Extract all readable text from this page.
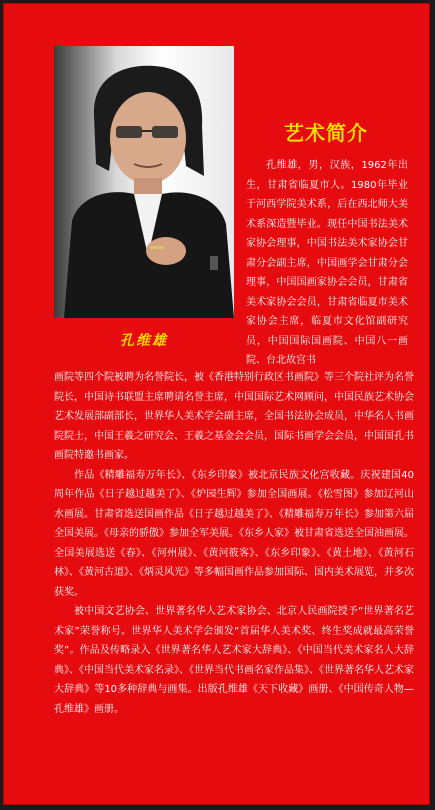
孔维雄
艺术简介
孔维雄，男，汉族，1962年出生，甘肃省临夏市人。1980年毕业于河西学院美术系，后在西北师大美术系深造暨毕业。现任中国书法美术家协会理事，中国书法美术家协会甘肃分会副主席，中国画学会甘肃分会理事，中国国画家协会会员，甘肃省美术家协会会员，甘肃省临夏市美术家协会主席，临夏市文化馆副研究员，中国国际国画院、中国八一画院、台北故宫书

画院等四个院被聘为名誉院长，被《香港特别行政区书画院》等三个院社评为名誉院长，中国诗书联盟主席聘请名誉主席，中国国际艺术网顾问，中国民族艺术协会艺术发展部副部长，世界华人美术学会副主席，全国书法协会成员，中华名人书画院院士，中国王羲之研究会、王羲之基金会会员，国际书画学会会员，中国国孔书画院特邀书画家。

作品《精雕福寿万年长》、《东乡印象》被北京民族文化宫收藏。庆祝建国40周年作品《日子越过越美了》、《炉园生辉》参加全国画展。《松雪图》参加辽河山水画展。甘肃省选送国画作品《日子越过越美了》、《精雕福寿万年长》参加第六届全国美展。《母亲的骄傲》参加全军美展。《东乡人家》被甘肃省选送全国油画展。全国美展选送《春》、《河州展》、《黄河筱客》、《东乡印象》、《黄土地》、《黄河石林》、《黄河古道》、《炳灵风光》等多幅国画作品参加国际、国内美术展览，并多次获奖。

被中国文艺协会、世界著名华人艺术家协会、北京人民画院授予“世界著名艺术家”荣誉称号。世界华人美术学会颁发“首届华人美术奖、终生奖成就最高荣誉奖”。作品及传略录入《世界著名华人艺术家大辞典》、《中国当代美术家名人大辞典》、《中国当代美术家名录》、《世界当代书画名家作品集》、《世界著名华人艺术家大辞典》等10多种辞典与画集。出版孔维雄《天下收藏》画册、《中国传奇人物—孔维雄》画册。
